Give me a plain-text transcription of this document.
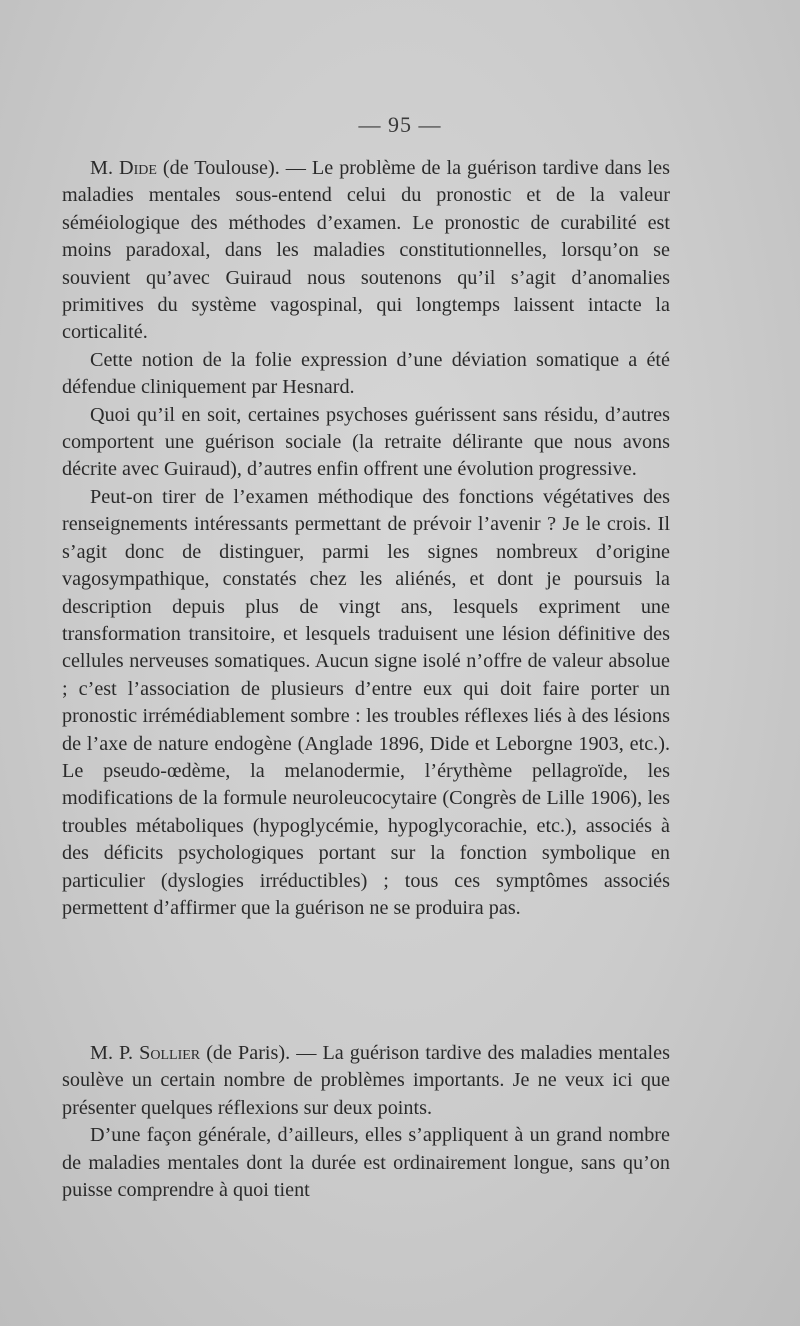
— 95 —

M. Dide (de Toulouse). — Le problème de la guérison tardive dans les maladies mentales sous-entend celui du pronostic et de la valeur séméiologique des méthodes d’examen. Le pronostic de curabilité est moins paradoxal, dans les maladies constitutionnelles, lorsqu’on se souvient qu’avec Guiraud nous soutenons qu’il s’agit d’anomalies primitives du système vagospinal, qui longtemps laissent intacte la corticalité.

Cette notion de la folie expression d’une déviation somatique a été défendue cliniquement par Hesnard.

Quoi qu’il en soit, certaines psychoses guérissent sans résidu, d’autres comportent une guérison sociale (la retraite délirante que nous avons décrite avec Guiraud), d’autres enfin offrent une évolution progressive.

Peut-on tirer de l’examen méthodique des fonctions végétatives des renseignements intéressants permettant de prévoir l’avenir ? Je le crois. Il s’agit donc de distinguer, parmi les signes nombreux d’origine vagosympathique, constatés chez les aliénés, et dont je poursuis la description depuis plus de vingt ans, lesquels expriment une transformation transitoire, et lesquels traduisent une lésion définitive des cellules nerveuses somatiques. Aucun signe isolé n’offre de valeur absolue ; c’est l’association de plusieurs d’entre eux qui doit faire porter un pronostic irrémédiablement sombre : les troubles réflexes liés à des lésions de l’axe de nature endogène (Anglade 1896, Dide et Leborgne 1903, etc.). Le pseudo-œdème, la melanodermie, l’érythème pellagroïde, les modifications de la formule neuroleucocytaire (Congrès de Lille 1906), les troubles métaboliques (hypoglycémie, hypoglycorachie, etc.), associés à des déficits psychologiques portant sur la fonction symbolique en particulier (dyslogies irréductibles) ; tous ces symptômes associés permettent d’affirmer que la guérison ne se produira pas.

M. P. Sollier (de Paris). — La guérison tardive des maladies mentales soulève un certain nombre de problèmes importants. Je ne veux ici que présenter quelques réflexions sur deux points.

D’une façon générale, d’ailleurs, elles s’appliquent à un grand nombre de maladies mentales dont la durée est ordinairement longue, sans qu’on puisse comprendre à quoi tient
